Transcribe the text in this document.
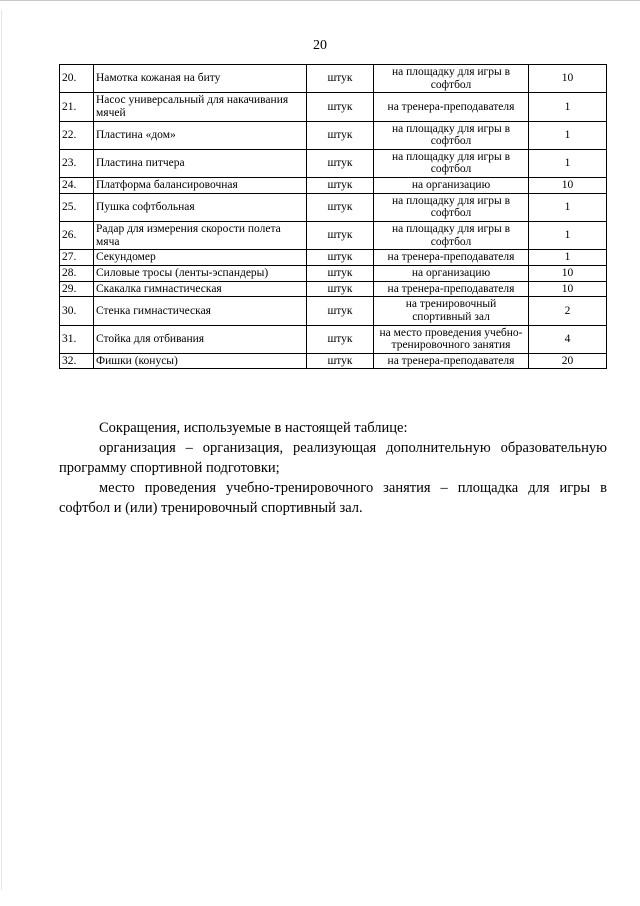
20
20.	Намотка кожаная на биту	штук	на площадку для игры в софтбол	10
21.	Насос универсальный для накачивания мячей	штук	на тренера-преподавателя	1
22.	Пластина «дом»	штук	на площадку для игры в софтбол	1
23.	Пластина питчера	штук	на площадку для игры в софтбол	1
24.	Платформа балансировочная	штук	на организацию	10
25.	Пушка софтбольная	штук	на площадку для игры в софтбол	1
26.	Радар для измерения скорости полета мяча	штук	на площадку для игры в софтбол	1
27.	Секундомер	штук	на тренера-преподавателя	1
28.	Силовые тросы (ленты-эспандеры)	штук	на организацию	10
29.	Скакалка гимнастическая	штук	на тренера-преподавателя	10
30.	Стенка гимнастическая	штук	на тренировочный спортивный зал	2
31.	Стойка для отбивания	штук	на место проведения учебно-тренировочного занятия	4
32.	Фишки (конусы)	штук	на тренера-преподавателя	20

Сокращения, используемые в настоящей таблице:

организация – организация, реализующая дополнительную образовательную программу спортивной подготовки;

место проведения учебно-тренировочного занятия – площадка для игры в софтбол и (или) тренировочный спортивный зал.
